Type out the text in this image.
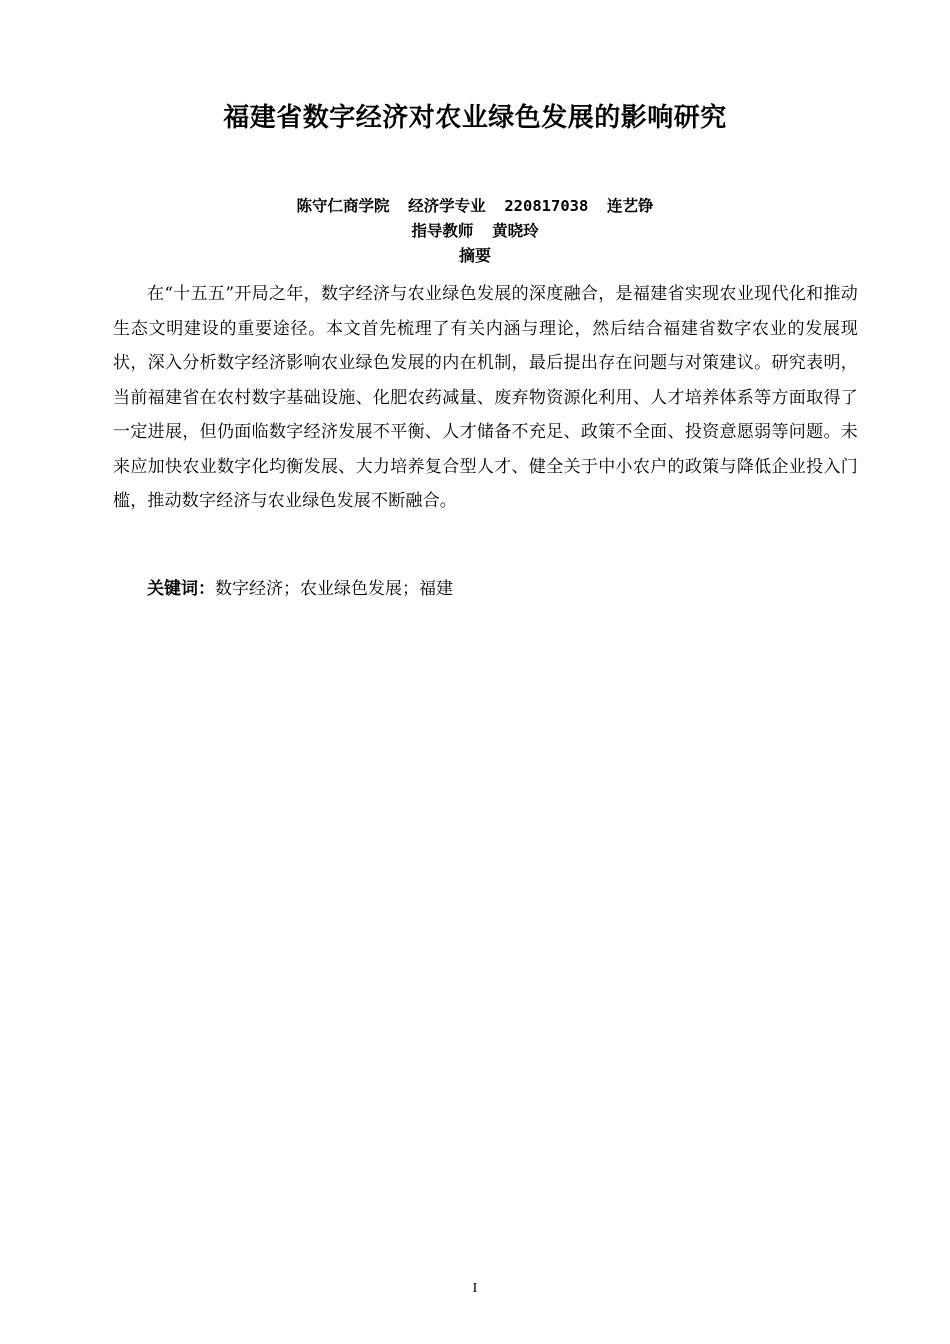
福建省数字经济对农业绿色发展的影响研究
陈守仁商学院  经济学专业  220817038  连艺铮
指导教师  黄晓玲
摘要

在“十五五”开局之年，数字经济与农业绿色发展的深度融合，是福建省实现农业现代化和推动生态文明建设的重要途径。本文首先梳理了有关内涵与理论，然后结合福建省数字农业的发展现状，深入分析数字经济影响农业绿色发展的内在机制，最后提出存在问题与对策建议。研究表明，当前福建省在农村数字基础设施、化肥农药减量、废弃物资源化利用、人才培养体系等方面取得了一定进展，但仍面临数字经济发展不平衡、人才储备不充足、政策不全面、投资意愿弱等问题。未来应加快农业数字化均衡发展、大力培养复合型人才、健全关于中小农户的政策与降低企业投入门槛，推动数字经济与农业绿色发展不断融合。

关键词：数字经济；农业绿色发展；福建
I
